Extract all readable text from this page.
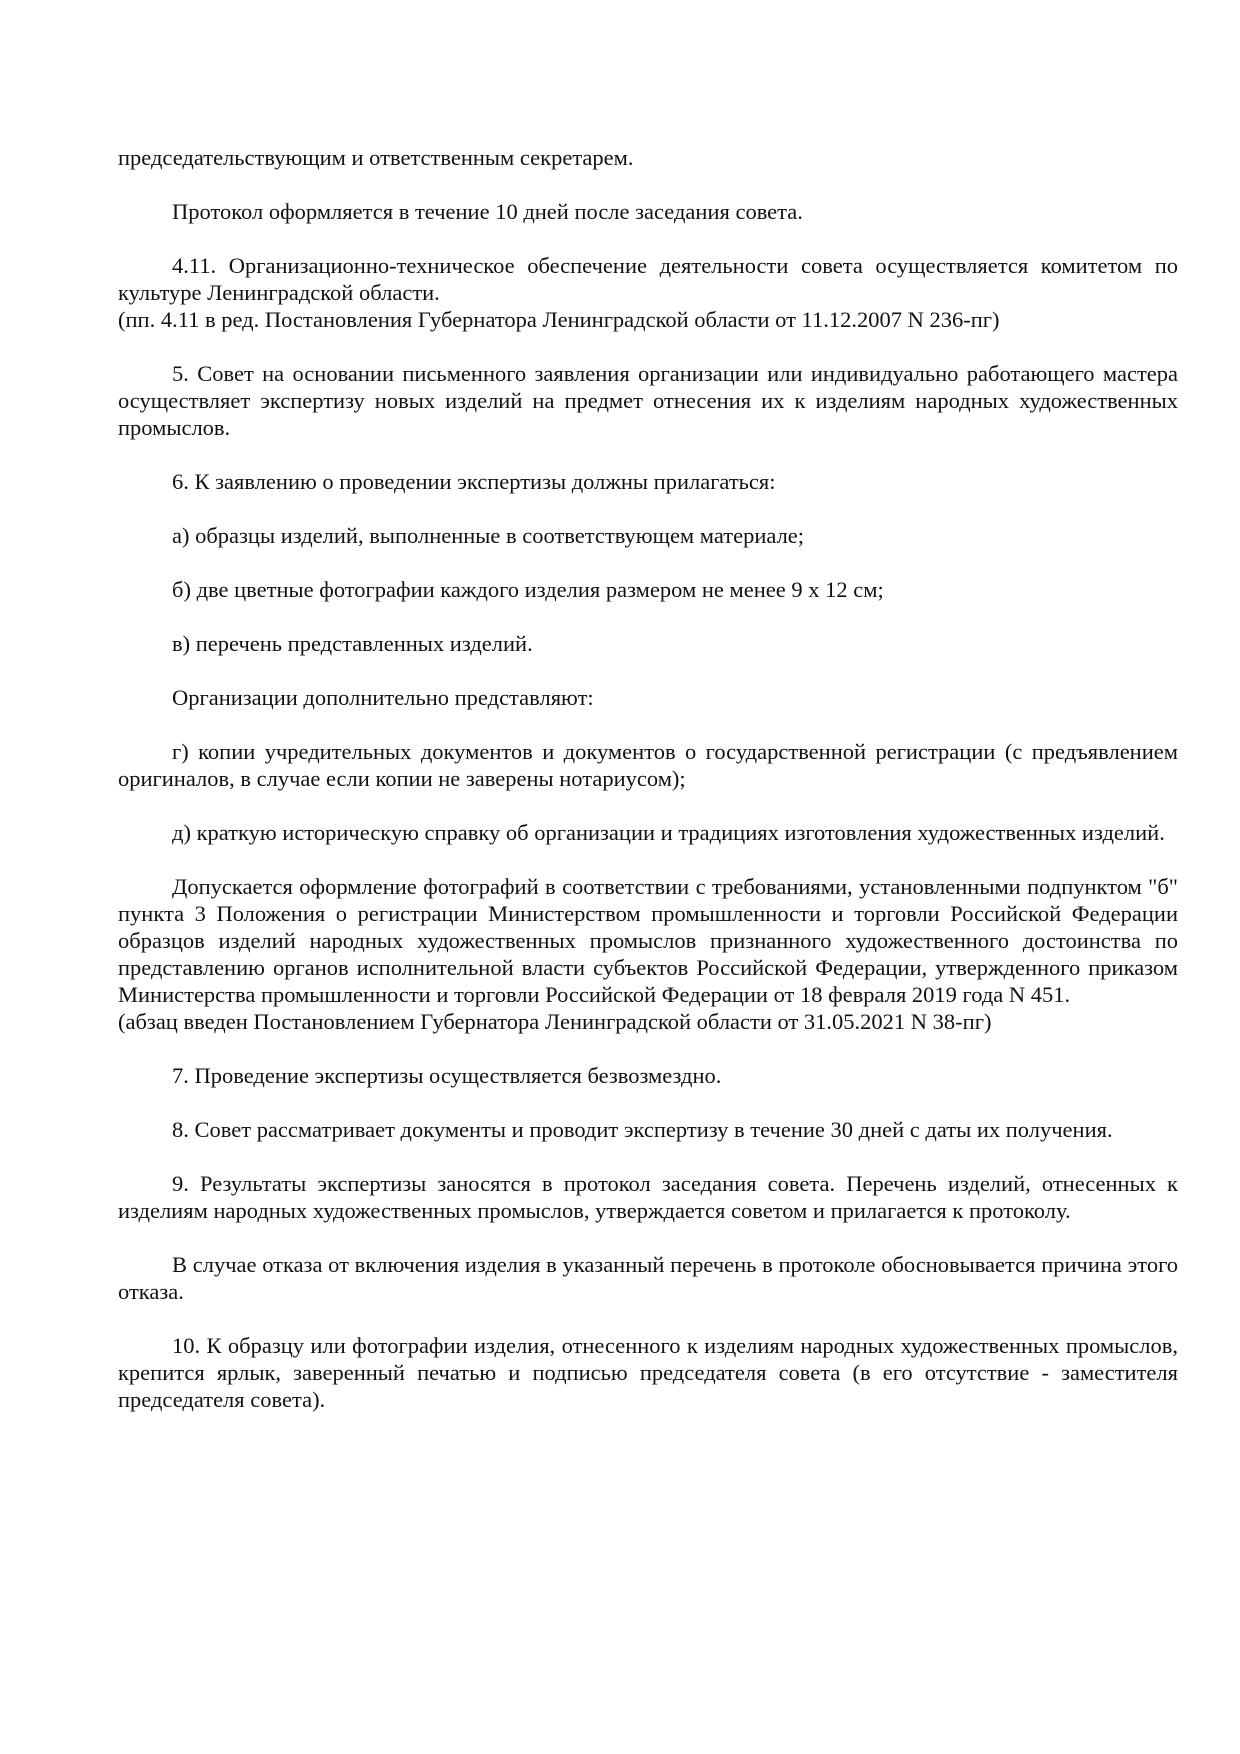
председательствующим и ответственным секретарем.

Протокол оформляется в течение 10 дней после заседания совета.

4.11. Организационно-техническое обеспечение деятельности совета осуществляется комитетом по культуре Ленинградской области.

(пп. 4.11 в ред. Постановления Губернатора Ленинградской области от 11.12.2007 N 236-пг)

5. Совет на основании письменного заявления организации или индивидуально работающего мастера осуществляет экспертизу новых изделий на предмет отнесения их к изделиям народных художественных промыслов.

6. К заявлению о проведении экспертизы должны прилагаться:

а) образцы изделий, выполненные в соответствующем материале;

б) две цветные фотографии каждого изделия размером не менее 9 x 12 см;

в) перечень представленных изделий.

Организации дополнительно представляют:

г) копии учредительных документов и документов о государственной регистрации (с предъявлением оригиналов, в случае если копии не заверены нотариусом);

д) краткую историческую справку об организации и традициях изготовления художественных изделий.

Допускается оформление фотографий в соответствии с требованиями, установленными подпунктом "б" пункта 3 Положения о регистрации Министерством промышленности и торговли Российской Федерации образцов изделий народных художественных промыслов признанного художественного достоинства по представлению органов исполнительной власти субъектов Российской Федерации, утвержденного приказом Министерства промышленности и торговли Российской Федерации от 18 февраля 2019 года N 451.

(абзац введен Постановлением Губернатора Ленинградской области от 31.05.2021 N 38-пг)

7. Проведение экспертизы осуществляется безвозмездно.

8. Совет рассматривает документы и проводит экспертизу в течение 30 дней с даты их получения.

9. Результаты экспертизы заносятся в протокол заседания совета. Перечень изделий, отнесенных к изделиям народных художественных промыслов, утверждается советом и прилагается к протоколу.

В случае отказа от включения изделия в указанный перечень в протоколе обосновывается причина этого отказа.

10. К образцу или фотографии изделия, отнесенного к изделиям народных художественных промыслов, крепится ярлык, заверенный печатью и подписью председателя совета (в его отсутствие - заместителя председателя совета).
